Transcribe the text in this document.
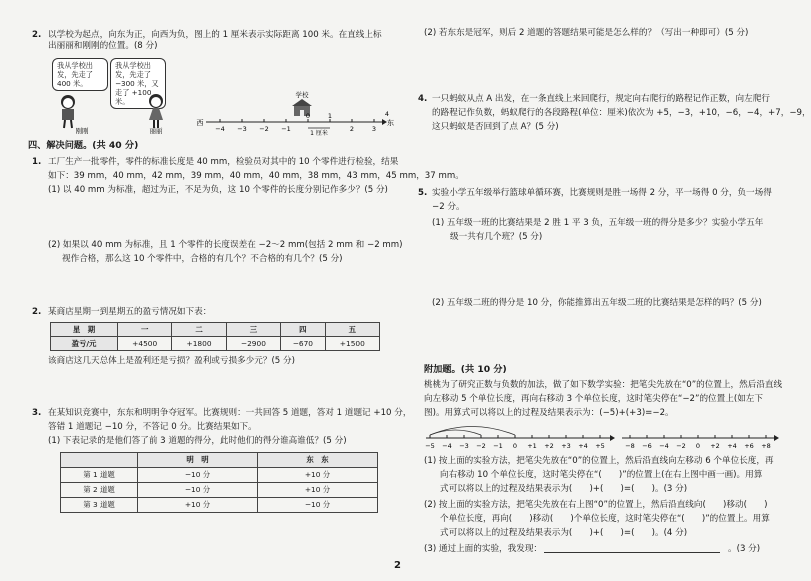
2. 以学校为起点，向东为正，向西为负，图上的 1 厘米表示实际距离 100 米。在直线上标出丽丽和刚刚的位置。(8 分)
我从学校出发，先走了 400 米。
我从学校出发，先走了 −300 米，又走了 +100 米。
刚刚	丽丽
学校
西	东
1 厘米
−4 −3 −2 −1
0	1
2	3
4
四、解决问题。(共 40 分)
1. 工厂生产一批零件，零件的标准长度是 40 mm，检验员对其中的 10 个零件进行检验，结果
如下：39 mm，40 mm，42 mm，39 mm，40 mm，40 mm，38 mm，43 mm，45 mm，37 mm。
(1) 以 40 mm 为标准，超过为正，不足为负，这 10 个零件的长度分别记作多少？(5 分)
(2) 如果以 40 mm 为标准，且 1 个零件的长度误差在 −2～2 mm(包括 2 mm 和 −2 mm)
视作合格，那么这 10 个零件中，合格的有几个？不合格的有几个？(5 分)
2. 某商店星期一到星期五的盈亏情况如下表：
星　期	一	二	三	四	五
盈亏/元	+4500	+1800	−2900	−670	+1500
该商店这几天总体上是盈利还是亏损？盈利或亏损多少元？(5 分)
3. 在某知识竞赛中，东东和明明争夺冠军。比赛规则：一共回答 5 道题，答对 1 道题记 +10 分，
答错 1 道题记 −10 分，不答记 0 分。比赛结果如下。
(1) 下表记录的是他们答了前 3 道题的得分，此时他们的得分谁高谁低？(5 分)
	明　明	东　东
第 1 道题	−10 分	+10 分
第 2 道题	−10 分	+10 分
第 3 道题	+10 分	−10 分
(2) 若东东是冠军，则后 2 道题的答题结果可能是怎么样的？（写出一种即可）(5 分)
4. 一只蚂蚁从点 A 出发，在一条直线上来回爬行，规定向右爬行的路程记作正数，向左爬行
的路程记作负数，蚂蚁爬行的各段路程(单位：厘米)依次为 +5，−3，+10，−6，−4，+7，−9，
这只蚂蚁是否回到了点 A？(5 分)
5. 实验小学五年级举行篮球单循环赛，比赛规则是胜一场得 2 分，平一场得 0 分，负一场得
−2 分。
(1) 五年级一班的比赛结果是 2 胜 1 平 3 负，五年级一班的得分是多少？实验小学五年
级一共有几个班？(5 分)
(2) 五年级二班的得分是 10 分，你能推算出五年级二班的比赛结果是怎样的吗？(5 分)
附加题。(共 10 分)
桃桃为了研究正数与负数的加法，做了如下数学实验：把笔尖先放在“0”的位置上，然后沿直线
向左移动 5 个单位长度，再向右移动 3 个单位长度，这时笔尖停在“−2”的位置上(如左下
图)。用算式可以将以上的过程及结果表示为：(−5)+(+3)=−2。
−5 −4 −3 −2 −1 0 +1 +2 +3 +4 +5	−8 −6 −4 −2 0 +2 +4 +6 +8
(1) 按上面的实验方法，把笔尖先放在“0”的位置上，然后沿直线向左移动 6 个单位长度，再
向右移动 10 个单位长度，这时笔尖停在“(　　)”的位置上(在右上图中画一画)。用算
式可以将以上的过程及结果表示为(　　)+(　　)=(　　)。(3 分)
(2) 按上面的实验方法，把笔尖先放在右上图“0”的位置上，然后沿直线向(　　)移动(　　)
个单位长度，再向(　　)移动(　　)个单位长度，这时笔尖停在“(　　)”的位置上。用算
式可以将以上的过程及结果表示为(　　)+(　　)=(　　)。(4 分)
(3) 通过上面的实验，我发现：	。(3 分)
2
